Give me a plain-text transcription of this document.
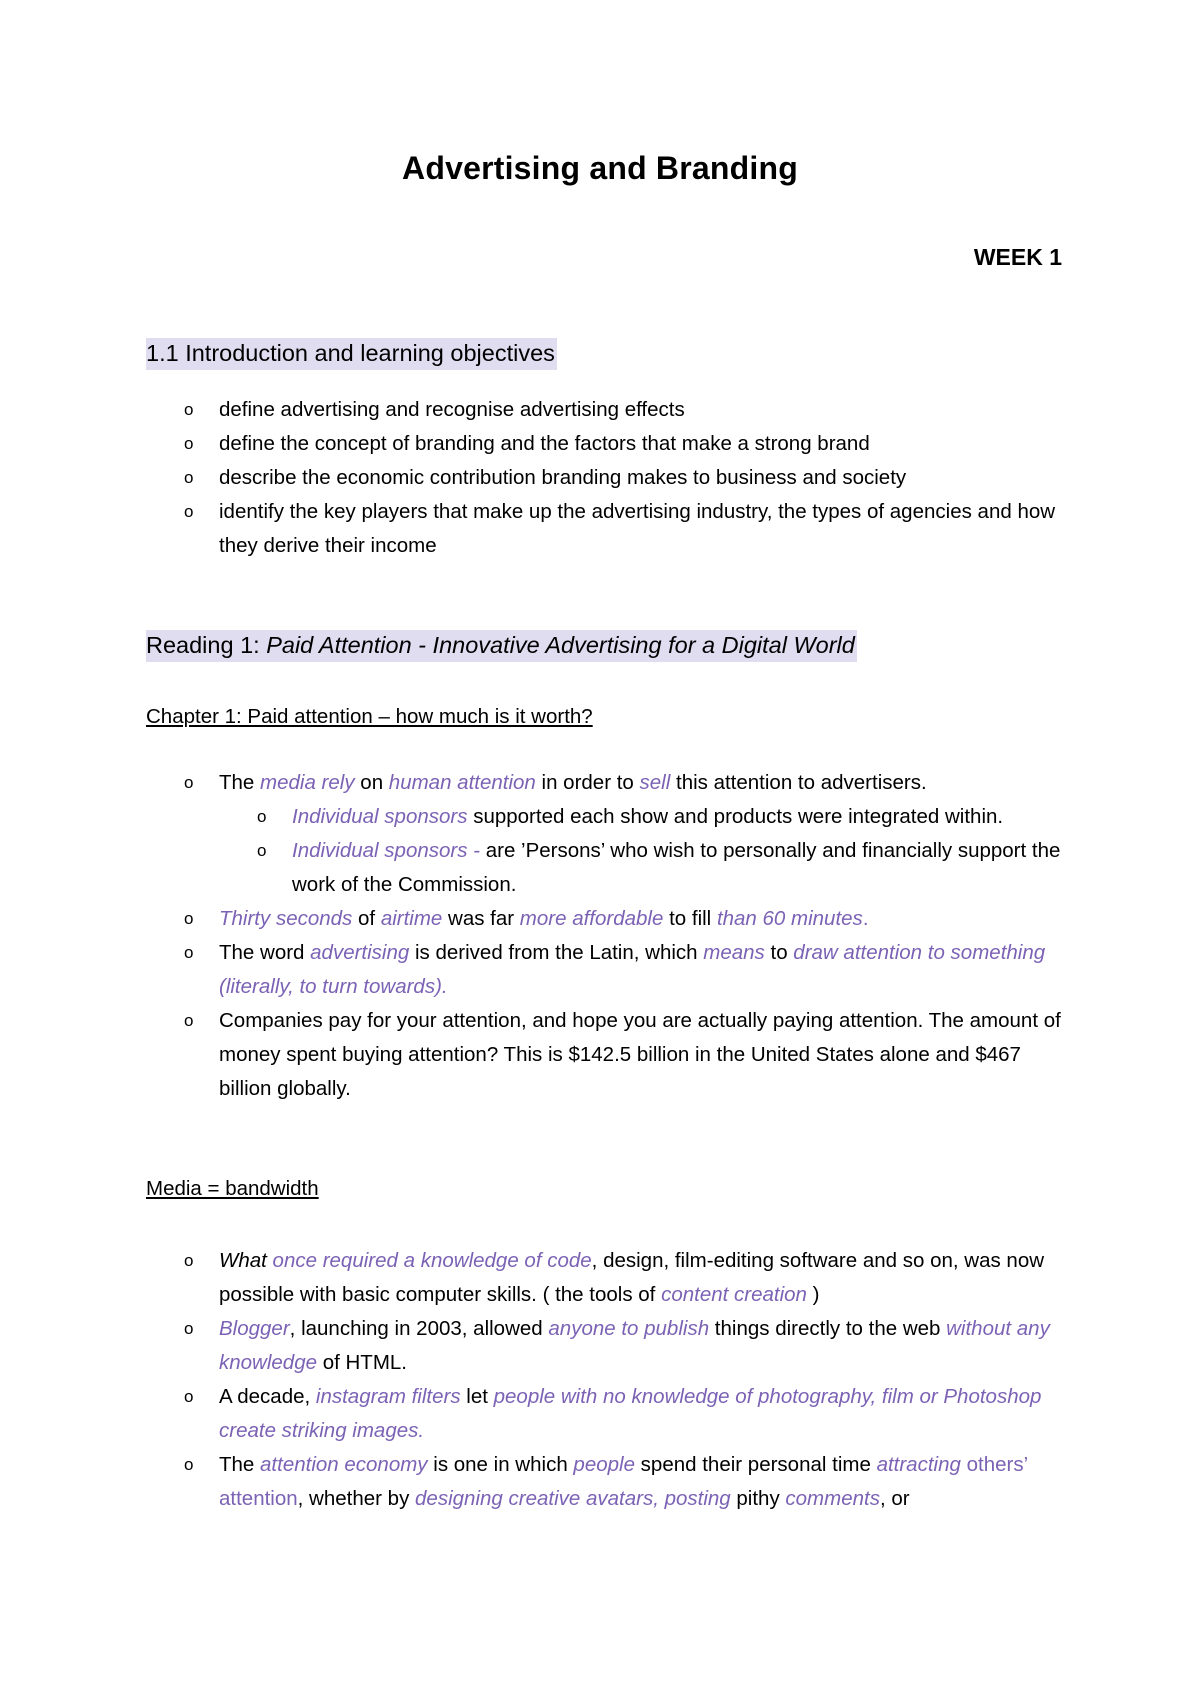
Advertising and Branding
WEEK 1
1.1 Introduction and learning objectives
o define advertising and recognise advertising effects
o define the concept of branding and the factors that make a strong brand
o describe the economic contribution branding makes to business and society
o identify the key players that make up the advertising industry, the types of agencies and how they derive their income
Reading 1: Paid Attention - Innovative Advertising for a Digital World
Chapter 1: Paid attention – how much is it worth?
o The media rely on human attention in order to sell this attention to advertisers.
o Individual sponsors supported each show and products were integrated within.
o Individual sponsors - are ’Persons’ who wish to personally and financially support the work of the Commission.
o Thirty seconds of airtime was far more affordable to fill than 60 minutes.
o The word advertising is derived from the Latin, which means to draw attention to something (literally, to turn towards).
o Companies pay for your attention, and hope you are actually paying attention. The amount of money spent buying attention? This is $142.5 billion in the United States alone and $467 billion globally.
Media = bandwidth
o What once required a knowledge of code, design, film-editing software and so on, was now possible with basic computer skills. ( the tools of content creation )
o Blogger, launching in 2003, allowed anyone to publish things directly to the web without any knowledge of HTML.
o A decade, instagram filters let people with no knowledge of photography, film or Photoshop create striking images.
o The attention economy is one in which people spend their personal time attracting others’ attention, whether by designing creative avatars, posting pithy comments, or
